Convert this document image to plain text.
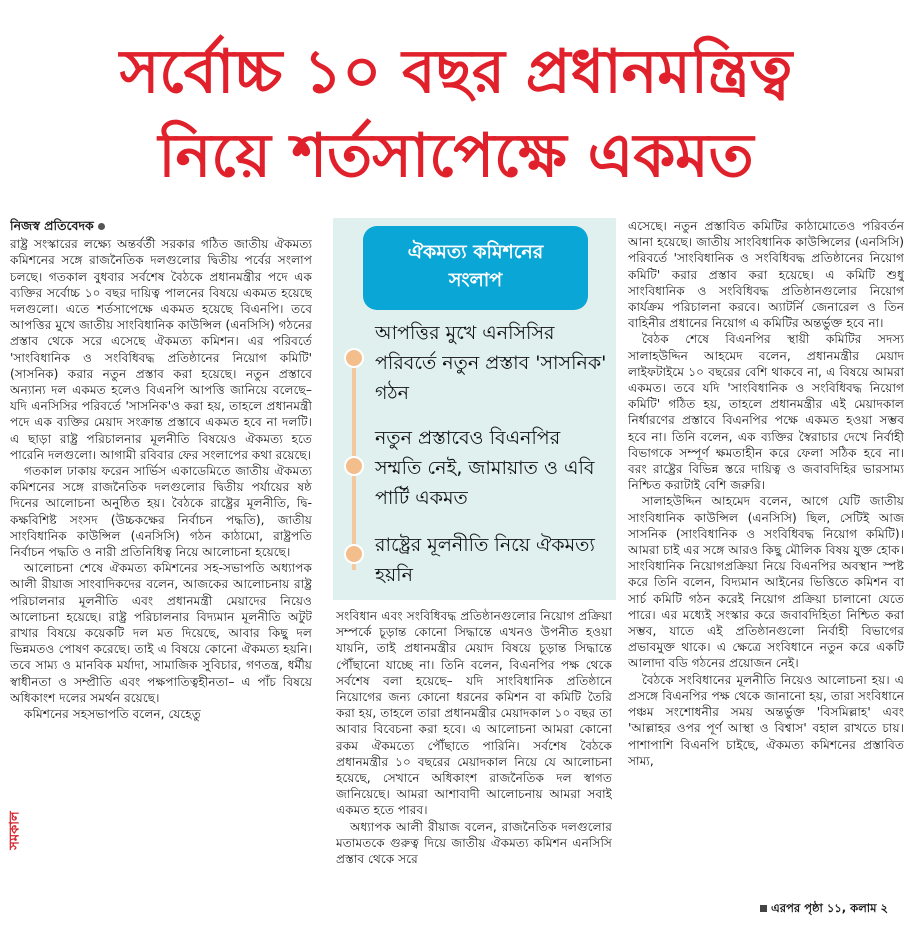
সর্বোচ্চ ১০ বছর প্রধানমন্ত্রিত্ব
নিয়ে শর্তসাপেক্ষে একমত
নিজস্ব প্রতিবেদক

রাষ্ট্র সংস্কারের লক্ষ্যে অন্তর্বর্তী সরকার গঠিত জাতীয় ঐকমত্য কমিশনের সঙ্গে রাজনৈতিক দলগুলোর দ্বিতীয় পর্বের সংলাপ চলছে। গতকাল বুধবার সর্বশেষ বৈঠকে প্রধানমন্ত্রীর পদে এক ব্যক্তির সর্বোচ্চ ১০ বছর দায়িত্ব পালনের বিষয়ে একমত হয়েছে দলগুলো। এতে শর্তসাপেক্ষে একমত হয়েছে বিএনপি। তবে আপত্তির মুখে জাতীয় সাংবিধানিক কাউন্সিল (এনসিসি) গঠনের প্রস্তাব থেকে সরে এসেছে ঐকমত্য কমিশন। এর পরিবর্তে 'সাংবিধানিক ও সংবিধিবদ্ধ প্রতিষ্ঠানের নিয়োগ কমিটি' (সাসনিক) করার নতুন প্রস্তাব করা হয়েছে। নতুন প্রস্তাবে অন্যান্য দল একমত হলেও বিএনপি আপত্তি জানিয়ে বলেছে– যদি এনসিসির পরিবর্তে 'সাসনিক'ও করা হয়, তাহলে প্রধানমন্ত্রী পদে এক ব্যক্তির মেয়াদ সংক্রান্ত প্রস্তাবে একমত হবে না দলটি। এ ছাড়া রাষ্ট্র পরিচালনার মূলনীতি বিষয়েও ঐকমত্য হতে পারেনি দলগুলো। আগামী রবিবার ফের সংলাপের কথা রয়েছে।

গতকাল ঢাকায় ফরেন সার্ভিস একাডেমিতে জাতীয় ঐকমত্য কমিশনের সঙ্গে রাজনৈতিক দলগুলোর দ্বিতীয় পর্যায়ের ষষ্ঠ দিনের আলোচনা অনুষ্ঠিত হয়। বৈঠকে রাষ্ট্রের মূলনীতি, দ্বি-কক্ষবিশিষ্ট সংসদ (উচ্চকক্ষের নির্বাচন পদ্ধতি), জাতীয় সাংবিধানিক কাউন্সিল (এনসিসি) গঠন কাঠামো, রাষ্ট্রপতি নির্বাচন পদ্ধতি ও নারী প্রতিনিধিত্ব নিয়ে আলোচনা হয়েছে।

আলোচনা শেষে ঐকমত্য কমিশনের সহ-সভাপতি অধ্যাপক আলী রীয়াজ সাংবাদিকদের বলেন, আজকের আলোচনায় রাষ্ট্র পরিচালনার মূলনীতি এবং প্রধানমন্ত্রী মেয়াদের নিয়েও আলোচনা হয়েছে। রাষ্ট্র পরিচালনার বিদ্যমান মূলনীতি অটুট রাখার বিষয়ে কয়েকটি দল মত দিয়েছে, আবার কিছু দল ভিন্নমতও পোষণ করেছে। তাই এ বিষয়ে কোনো ঐকমত্য হয়নি। তবে সাম্য ও মানবিক মর্যাদা, সামাজিক সুবিচার, গণতন্ত্র, ধর্মীয় স্বাধীনতা ও সম্প্রীতি এবং পক্ষপাতিত্বহীনতা– এ পাঁচ বিষয়ে অধিকাংশ দলের সমর্থন রয়েছে।

কমিশনের সহসভাপতি বলেন, যেহেতু

ঐকমত্য কমিশনের
সংলাপ
আপত্তির মুখে এনসিসির পরিবর্তে নতুন প্রস্তাব 'সাসনিক' গঠন
নতুন প্রস্তাবেও বিএনপির সম্মতি নেই, জামায়াত ও এবি পার্টি একমত
রাষ্ট্রের মূলনীতি নিয়ে ঐকমত্য হয়নি

সংবিধান এবং সংবিধিবদ্ধ প্রতিষ্ঠানগুলোর নিয়োগ প্রক্রিয়া সম্পর্কে চূড়ান্ত কোনো সিদ্ধান্তে এখনও উপনীত হওয়া যায়নি, তাই প্রধানমন্ত্রীর মেয়াদ বিষয়ে চূড়ান্ত সিদ্ধান্তে পৌঁছানো যাচ্ছে না। তিনি বলেন, বিএনপির পক্ষ থেকে সর্বশেষ বলা হয়েছে– যদি সাংবিধানিক প্রতিষ্ঠানে নিয়োগের জন্য কোনো ধরনের কমিশন বা কমিটি তৈরি করা হয়, তাহলে তারা প্রধানমন্ত্রীর মেয়াদকাল ১০ বছর তা আবার বিবেচনা করা হবে। এ আলোচনা আমরা কোনো রকম ঐকমত্যে পৌঁছাতে পারিনি। সর্বশেষ বৈঠকে প্রধানমন্ত্রীর ১০ বছরের মেয়াদকাল নিয়ে যে আলোচনা হয়েছে, সেখানে অধিকাংশ রাজনৈতিক দল স্বাগত জানিয়েছে। আমরা আশাবাদী আলোচনায় আমরা সবাই একমত হতে পারব।

অধ্যাপক আলী রীয়াজ বলেন, রাজনৈতিক দলগুলোর মতামতকে গুরুত্ব দিয়ে জাতীয় ঐকমত্য কমিশন এনসিসি প্রস্তাব থেকে সরে

এসেছে। নতুন প্রস্তাবিত কমিটির কাঠামোতেও পরিবর্তন আনা হয়েছে। জাতীয় সাংবিধানিক কাউন্সিলের (এনসিসি) পরিবর্তে 'সাংবিধানিক ও সংবিধিবদ্ধ প্রতিষ্ঠানের নিয়োগ কমিটি' করার প্রস্তাব করা হয়েছে। এ কমিটি শুধু সাংবিধানিক ও সংবিধিবদ্ধ প্রতিষ্ঠানগুলোর নিয়োগ কার্যক্রম পরিচালনা করবে। অ্যাটর্নি জেনারেল ও তিন বাহিনীর প্রধানের নিয়োগ এ কমিটির অন্তর্ভুক্ত হবে না।

বৈঠক শেষে বিএনপির স্থায়ী কমিটির সদস্য সালাহউদ্দিন আহমেদ বলেন, প্রধানমন্ত্রীর মেয়াদ লাইফটাইমে ১০ বছরের বেশি থাকবে না, এ বিষয়ে আমরা একমত। তবে যদি 'সাংবিধানিক ও সংবিধিবদ্ধ নিয়োগ কমিটি' গঠিত হয়, তাহলে প্রধানমন্ত্রীর এই মেয়াদকাল নির্ধারণের প্রস্তাবে বিএনপির পক্ষে একমত হওয়া সম্ভব হবে না। তিনি বলেন, এক ব্যক্তির স্বৈরাচার দেখে নির্বাহী বিভাগকে সম্পূর্ণ ক্ষমতাহীন করে ফেলা সঠিক হবে না। বরং রাষ্ট্রের বিভিন্ন স্তরে দায়িত্ব ও জবাবদিহির ভারসাম্য নিশ্চিত করাটাই বেশি জরুরি।

সালাহউদ্দিন আহমেদ বলেন, আগে যেটি জাতীয় সাংবিধানিক কাউন্সিল (এনসিসি) ছিল, সেটিই আজ সাসনিক (সাংবিধানিক ও সংবিধিবদ্ধ নিয়োগ কমিটি)। আমরা চাই এর সঙ্গে আরও কিছু মৌলিক বিষয় যুক্ত হোক। সাংবিধানিক নিয়োগপ্রক্রিয়া নিয়ে বিএনপির অবস্থান স্পষ্ট করে তিনি বলেন, বিদ্যমান আইনের ভিত্তিতে কমিশন বা সার্চ কমিটি গঠন করেই নিয়োগ প্রক্রিয়া চালানো যেতে পারে। এর মধ্যেই সংস্কার করে জবাবদিহিতা নিশ্চিত করা সম্ভব, যাতে এই প্রতিষ্ঠানগুলো নির্বাহী বিভাগের প্রভাবমুক্ত থাকে। এ ক্ষেত্রে সংবিধানে নতুন করে একটি আলাদা বডি গঠনের প্রয়োজন নেই।

বৈঠকে সংবিধানের মূলনীতি নিয়েও আলোচনা হয়। এ প্রসঙ্গে বিএনপির পক্ষ থেকে জানানো হয়, তারা সংবিধানে পঞ্চম সংশোধনীর সময় অন্তর্ভুক্ত 'বিসমিল্লাহ' এবং 'আল্লাহর ওপর পূর্ণ আস্থা ও বিশ্বাস' বহাল রাখতে চায়। পাশাপাশি বিএনপি চাইছে, ঐকমত্য কমিশনের প্রস্তাবিত সাম্য,

এরপর পৃষ্ঠা ১১, কলাম ২
সমকাল
